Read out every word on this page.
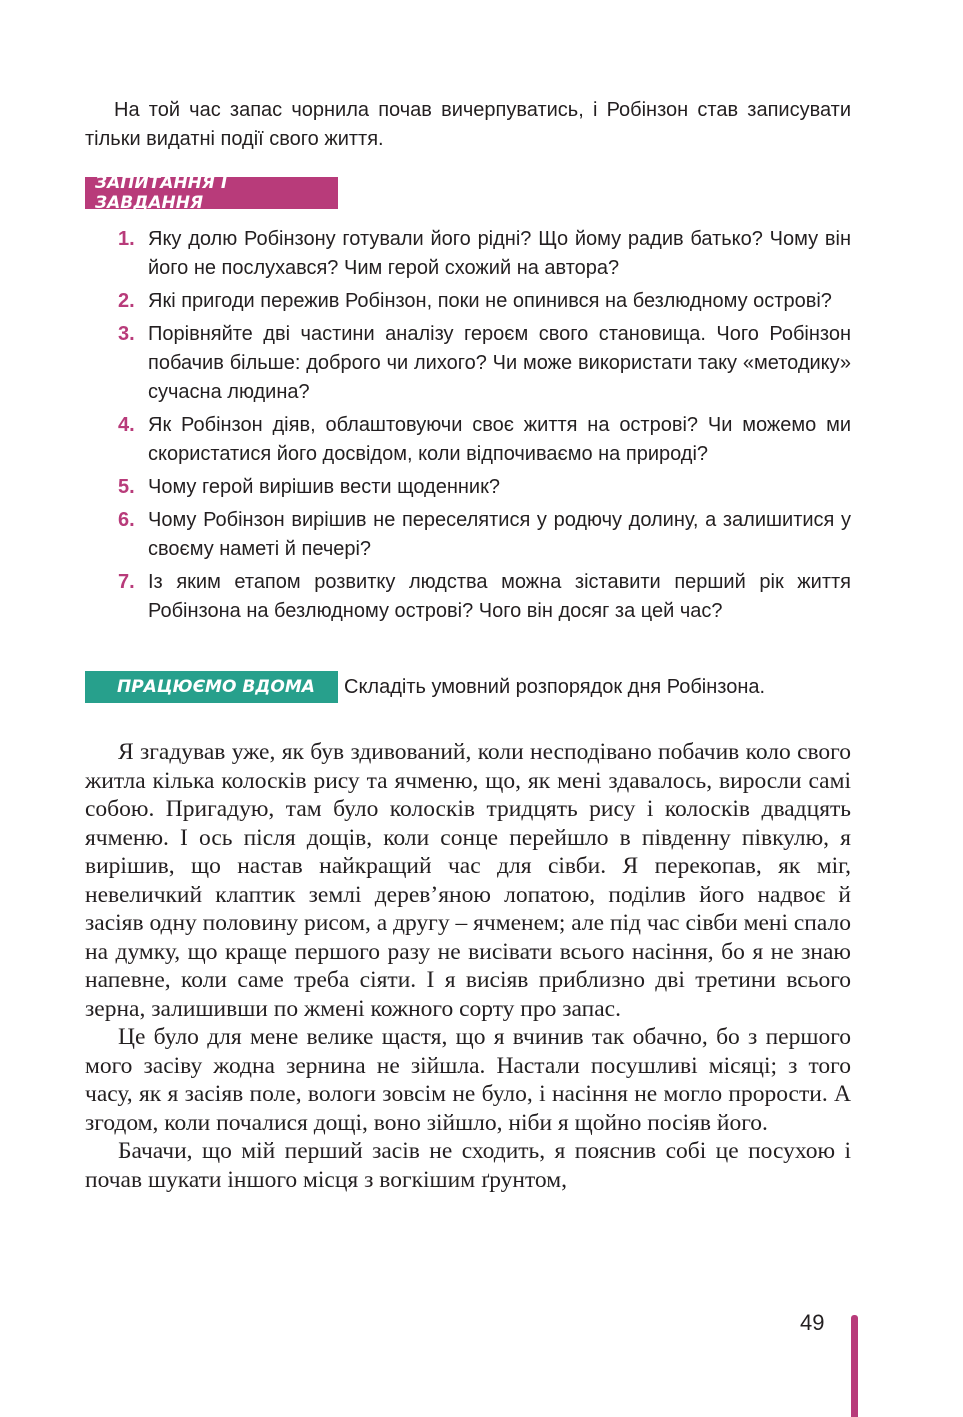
На той час запас чорнила почав вичерпуватись, і Робінзон став записувати тільки видатні події свого життя.

ЗАПИТАННЯ І ЗАВДАННЯ
1. Яку долю Робінзону готували його рідні? Що йому радив батько? Чому він його не послухався? Чим герой схожий на автора?
2. Які пригоди пережив Робінзон, поки не опинився на безлюдному острові?
3. Порівняйте дві частини аналізу героєм свого становища. Чого Робінзон побачив більше: доброго чи лихого? Чи може використати таку «методику» сучасна людина?
4. Як Робінзон діяв, облаштовуючи своє життя на острові? Чи можемо ми скористатися його досвідом, коли відпочиваємо на природі?
5. Чому герой вирішив вести щоденник?
6. Чому Робінзон вирішив не переселятися у родючу долину, а залишитися у своєму наметі й печері?
7. Із яким етапом розвитку людства можна зіставити перший рік життя Робінзона на безлюдному острові? Чого він досяг за цей час?
ПРАЦЮЄМО ВДОМА	Складіть умовний розпорядок дня Робінзона.

Я згадував уже, як був здивований, коли несподівано побачив коло свого житла кілька колосків рису та ячменю, що, як мені здавалось, виросли самі собою. Пригадую, там було колосків тридцять рису і колосків двадцять ячменю. І ось після дощів, коли сонце перейшло в південну півкулю, я вирішив, що настав найкращий час для сівби. Я перекопав, як міг, невеличкий клаптик землі дерев’яною лопатою, поділив його надвоє й засіяв одну половину рисом, а другу – ячменем; але під час сівби мені спало на думку, що краще першого разу не висівати всього насіння, бо я не знаю напевне, коли саме треба сіяти. І я висіяв приблизно дві третини всього зерна, залишивши по жмені кожного сорту про запас.

Це було для мене велике щастя, що я вчинив так обачно, бо з першого мого засіву жодна зернина не зійшла. Настали посушливі місяці; з того часу, як я засіяв поле, вологи зовсім не було, і насіння не могло прорости. А згодом, коли почалися дощі, воно зійшло, ніби я щойно посіяв його.

Бачачи, що мій перший засів не сходить, я пояснив собі це посухою і почав шукати іншого місця з вогкішим ґрунтом,

49
